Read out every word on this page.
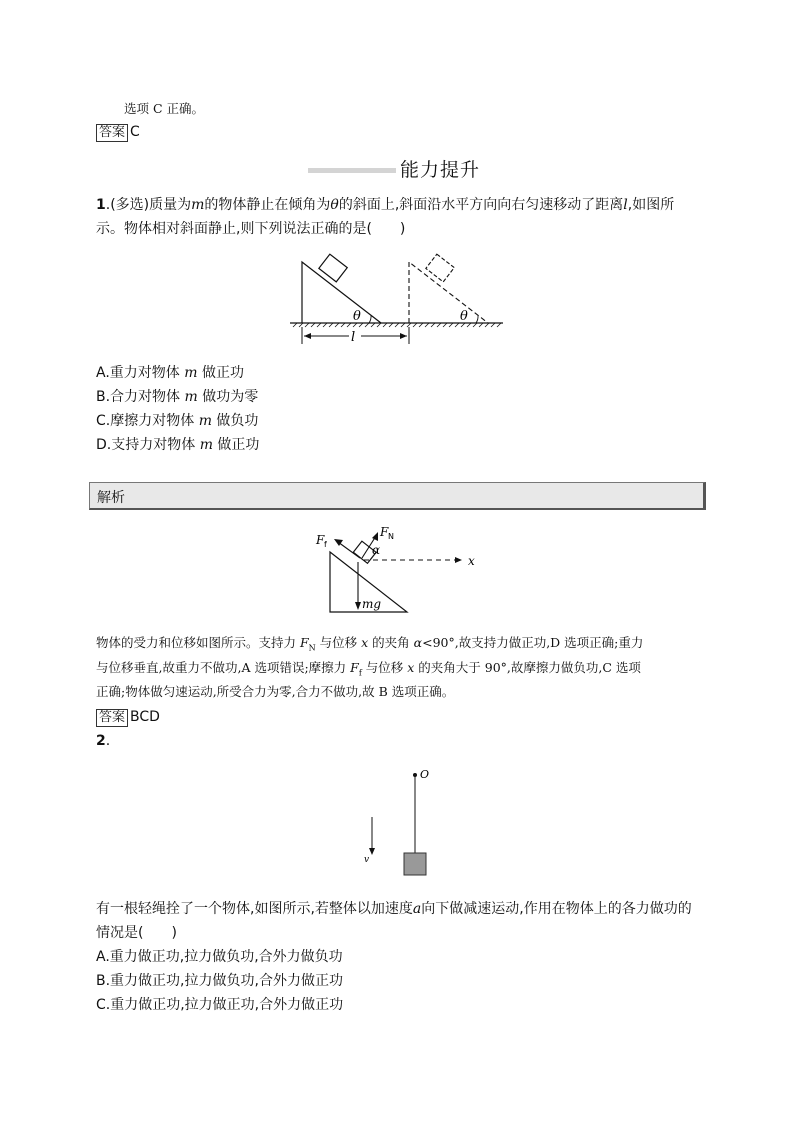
选项 C 正确。
答案 C
能力提升
1.(多选)质量为m的物体静止在倾角为θ的斜面上,斜面沿水平方向向右匀速移动了距离l,如图所
示。物体相对斜面静止,则下列说法正确的是(　　)
θ	θ
l
A.重力对物体 m 做正功
B.合力对物体 m 做功为零
C.摩擦力对物体 m 做负功
D.支持力对物体 m 做正功
解析
mg
F N
F f	α
x
物体的受力和位移如图所示。支持力 $F_N$ 与位移 x 的夹角 α<90°,故支持力做正功,D 选项正确;重力
与位移垂直,故重力不做功,A 选项错误;摩擦力 $F_f$ 与位移 x 的夹角大于 90°,故摩擦力做负功,C 选项
正确;物体做匀速运动,所受合力为零,合力不做功,故 B 选项正确。
答案 BCD
2.
O
v
有一根轻绳拴了一个物体,如图所示,若整体以加速度a向下做减速运动,作用在物体上的各力做功的
情况是(　　)
A.重力做正功,拉力做负功,合外力做负功
B.重力做正功,拉力做负功,合外力做正功
C.重力做正功,拉力做正功,合外力做正功
